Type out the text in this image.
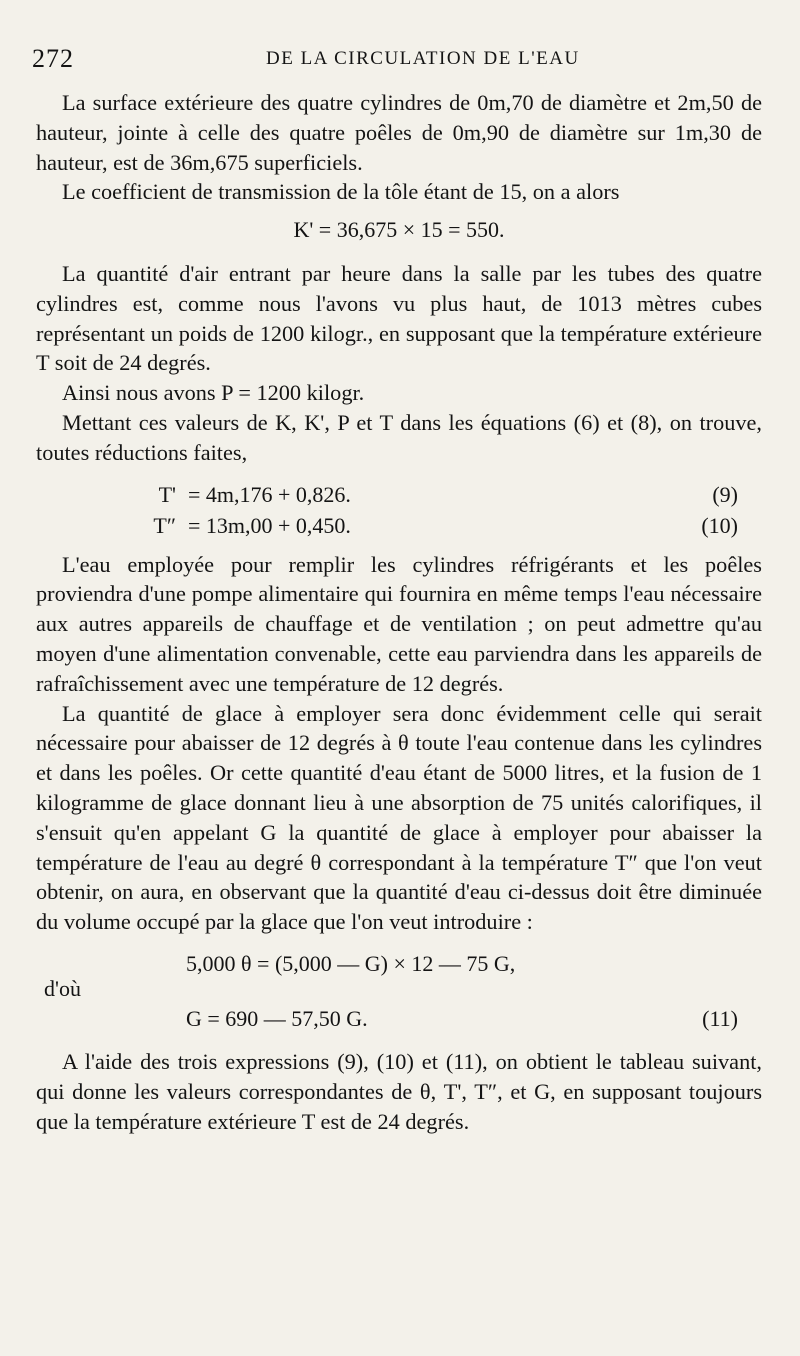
272	DE LA CIRCULATION DE L'EAU

La surface extérieure des quatre cylindres de 0m,70 de diamètre et 2m,50 de hauteur, jointe à celle des quatre poêles de 0m,90 de diamètre sur 1m,30 de hauteur, est de 36m,675 superficiels.

Le coefficient de transmission de la tôle étant de 15, on a alors

K' = 36,675 × 15 = 550.

La quantité d'air entrant par heure dans la salle par les tubes des quatre cylindres est, comme nous l'avons vu plus haut, de 1013 mètres cubes représentant un poids de 1200 kilogr., en supposant que la température extérieure T soit de 24 degrés.

Ainsi nous avons P = 1200 kilogr.

Mettant ces valeurs de K, K', P et T dans les équations (6) et (8), on trouve, toutes réductions faites,

T' = 4m,176 + 0,826.	(9)
T″ = 13m,00 + 0,450.	(10)

L'eau employée pour remplir les cylindres réfrigérants et les poêles proviendra d'une pompe alimentaire qui fournira en même temps l'eau nécessaire aux autres appareils de chauffage et de ventilation ; on peut admettre qu'au moyen d'une alimentation convenable, cette eau parviendra dans les appareils de rafraîchissement avec une température de 12 degrés.

La quantité de glace à employer sera donc évidemment celle qui serait nécessaire pour abaisser de 12 degrés à θ toute l'eau contenue dans les cylindres et dans les poêles. Or cette quantité d'eau étant de 5000 litres, et la fusion de 1 kilogramme de glace donnant lieu à une absorption de 75 unités calorifiques, il s'ensuit qu'en appelant G la quantité de glace à employer pour abaisser la température de l'eau au degré θ correspondant à la température T″ que l'on veut obtenir, on aura, en observant que la quantité d'eau ci-dessus doit être diminuée du volume occupé par la glace que l'on veut introduire :

5,000 θ = (5,000 — G) × 12 — 75 G,
d'où
G = 690 — 57,50 G.	(11)

A l'aide des trois expressions (9), (10) et (11), on obtient le tableau suivant, qui donne les valeurs correspondantes de θ, T', T″, et G, en supposant toujours que la température extérieure T est de 24 degrés.
